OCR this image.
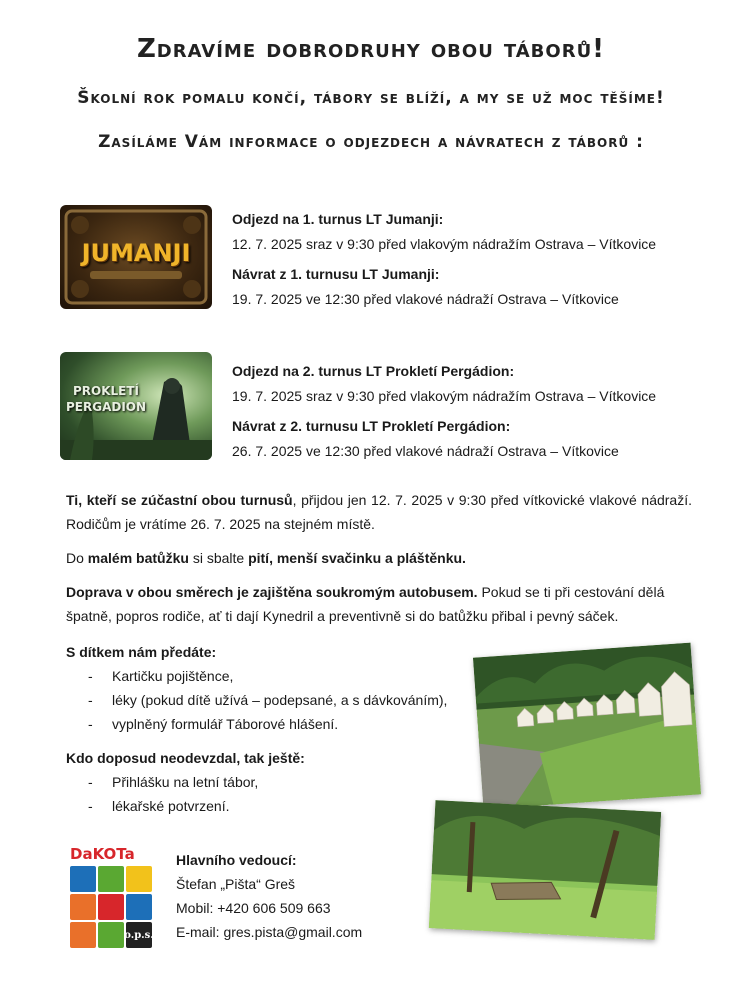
Zdravíme dobrodruhy obou táborů!
Školní rok pomalu končí, tábory se blíží, a my se už moc těšíme!
Zasíláme Vám informace o odjezdech a návratech z táborů :
JUMANJI
Odjezd na 1. turnus LT Jumanji:
12. 7. 2025 sraz v 9:30 před vlakovým nádražím Ostrava – Vítkovice
Návrat z 1. turnusu LT Jumanji:
19. 7. 2025 ve 12:30 před vlakové nádraží Ostrava – Vítkovice
PROKLETÍ
PERGADION
Odjezd na 2. turnus LT Prokletí Pergádion:
19. 7. 2025 sraz v 9:30 před vlakovým nádražím Ostrava – Vítkovice
Návrat z 2. turnusu LT Prokletí Pergádion:
26. 7. 2025 ve 12:30 před vlakové nádraží Ostrava – Vítkovice
Ti, kteří se zúčastní obou turnusů, přijdou jen 12. 7. 2025 v 9:30 před vítkovické vlakové nádraží. Rodičům je vrátíme 26. 7. 2025 na stejném místě.
Do malém batůžku si sbalte pití, menší svačinku a pláštěnku.
Doprava v obou směrech je zajištěna soukromým autobusem. Pokud se ti při cestování dělá špatně, popros rodiče, ať ti dají Kynedril a preventivně si do batůžku přibal i pevný sáček.
S dítkem nám předáte:
- Kartičku pojištěnce,
- léky (pokud dítě užívá – podepsané, a s dávkováním),
- vyplněný formulář Táborové hlášení.
Kdo doposud neodevzdal, tak ještě:
- Přihlášku na letní tábor,
- lékařské potvrzení.
DaKOTa
o.p.s.
Hlavního vedoucí:
Štefan „Pišta“ Greš
Mobil: +420 606 509 663
E-mail: gres.pista@gmail.com
